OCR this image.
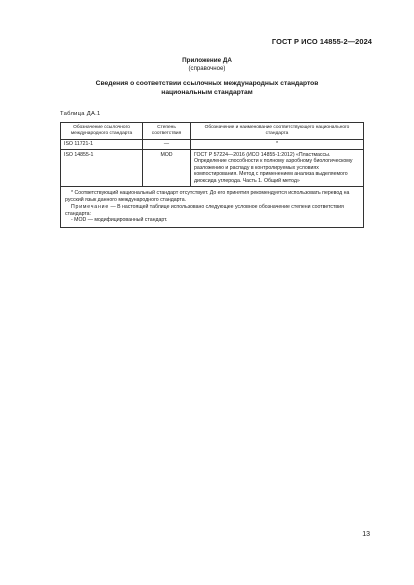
ГОСТ Р ИСО 14855-2—2024
Приложение ДА
(справочное)
Сведения о соответствии ссылочных международных стандартов
национальным стандартам
Таблица ДА.1
Обозначение ссылочного международного стандарта	Степень соответствия	Обозначение и наименование соответствующего национального стандарта
ISO 11721-1	—	*
ISO 14855-1	MOD	ГОСТ Р 57224—2016 (ИСО 14855-1:2012) «Пластмассы. Определение способности к полному аэробному биологическому разложению и распаду в контролируемых условиях компостирования. Метод с применением анализа выделяемого диоксида углерода. Часть 1. Общий метод»

* Соответствующий национальный стандарт отсутствует. До его принятия рекомендуется использовать перевод на русский язык данного международного стандарта.

Примечание — В настоящей таблице использовано следующее условное обозначение степени соответствия стандарта:

- MOD — модифицированный стандарт.		

13
